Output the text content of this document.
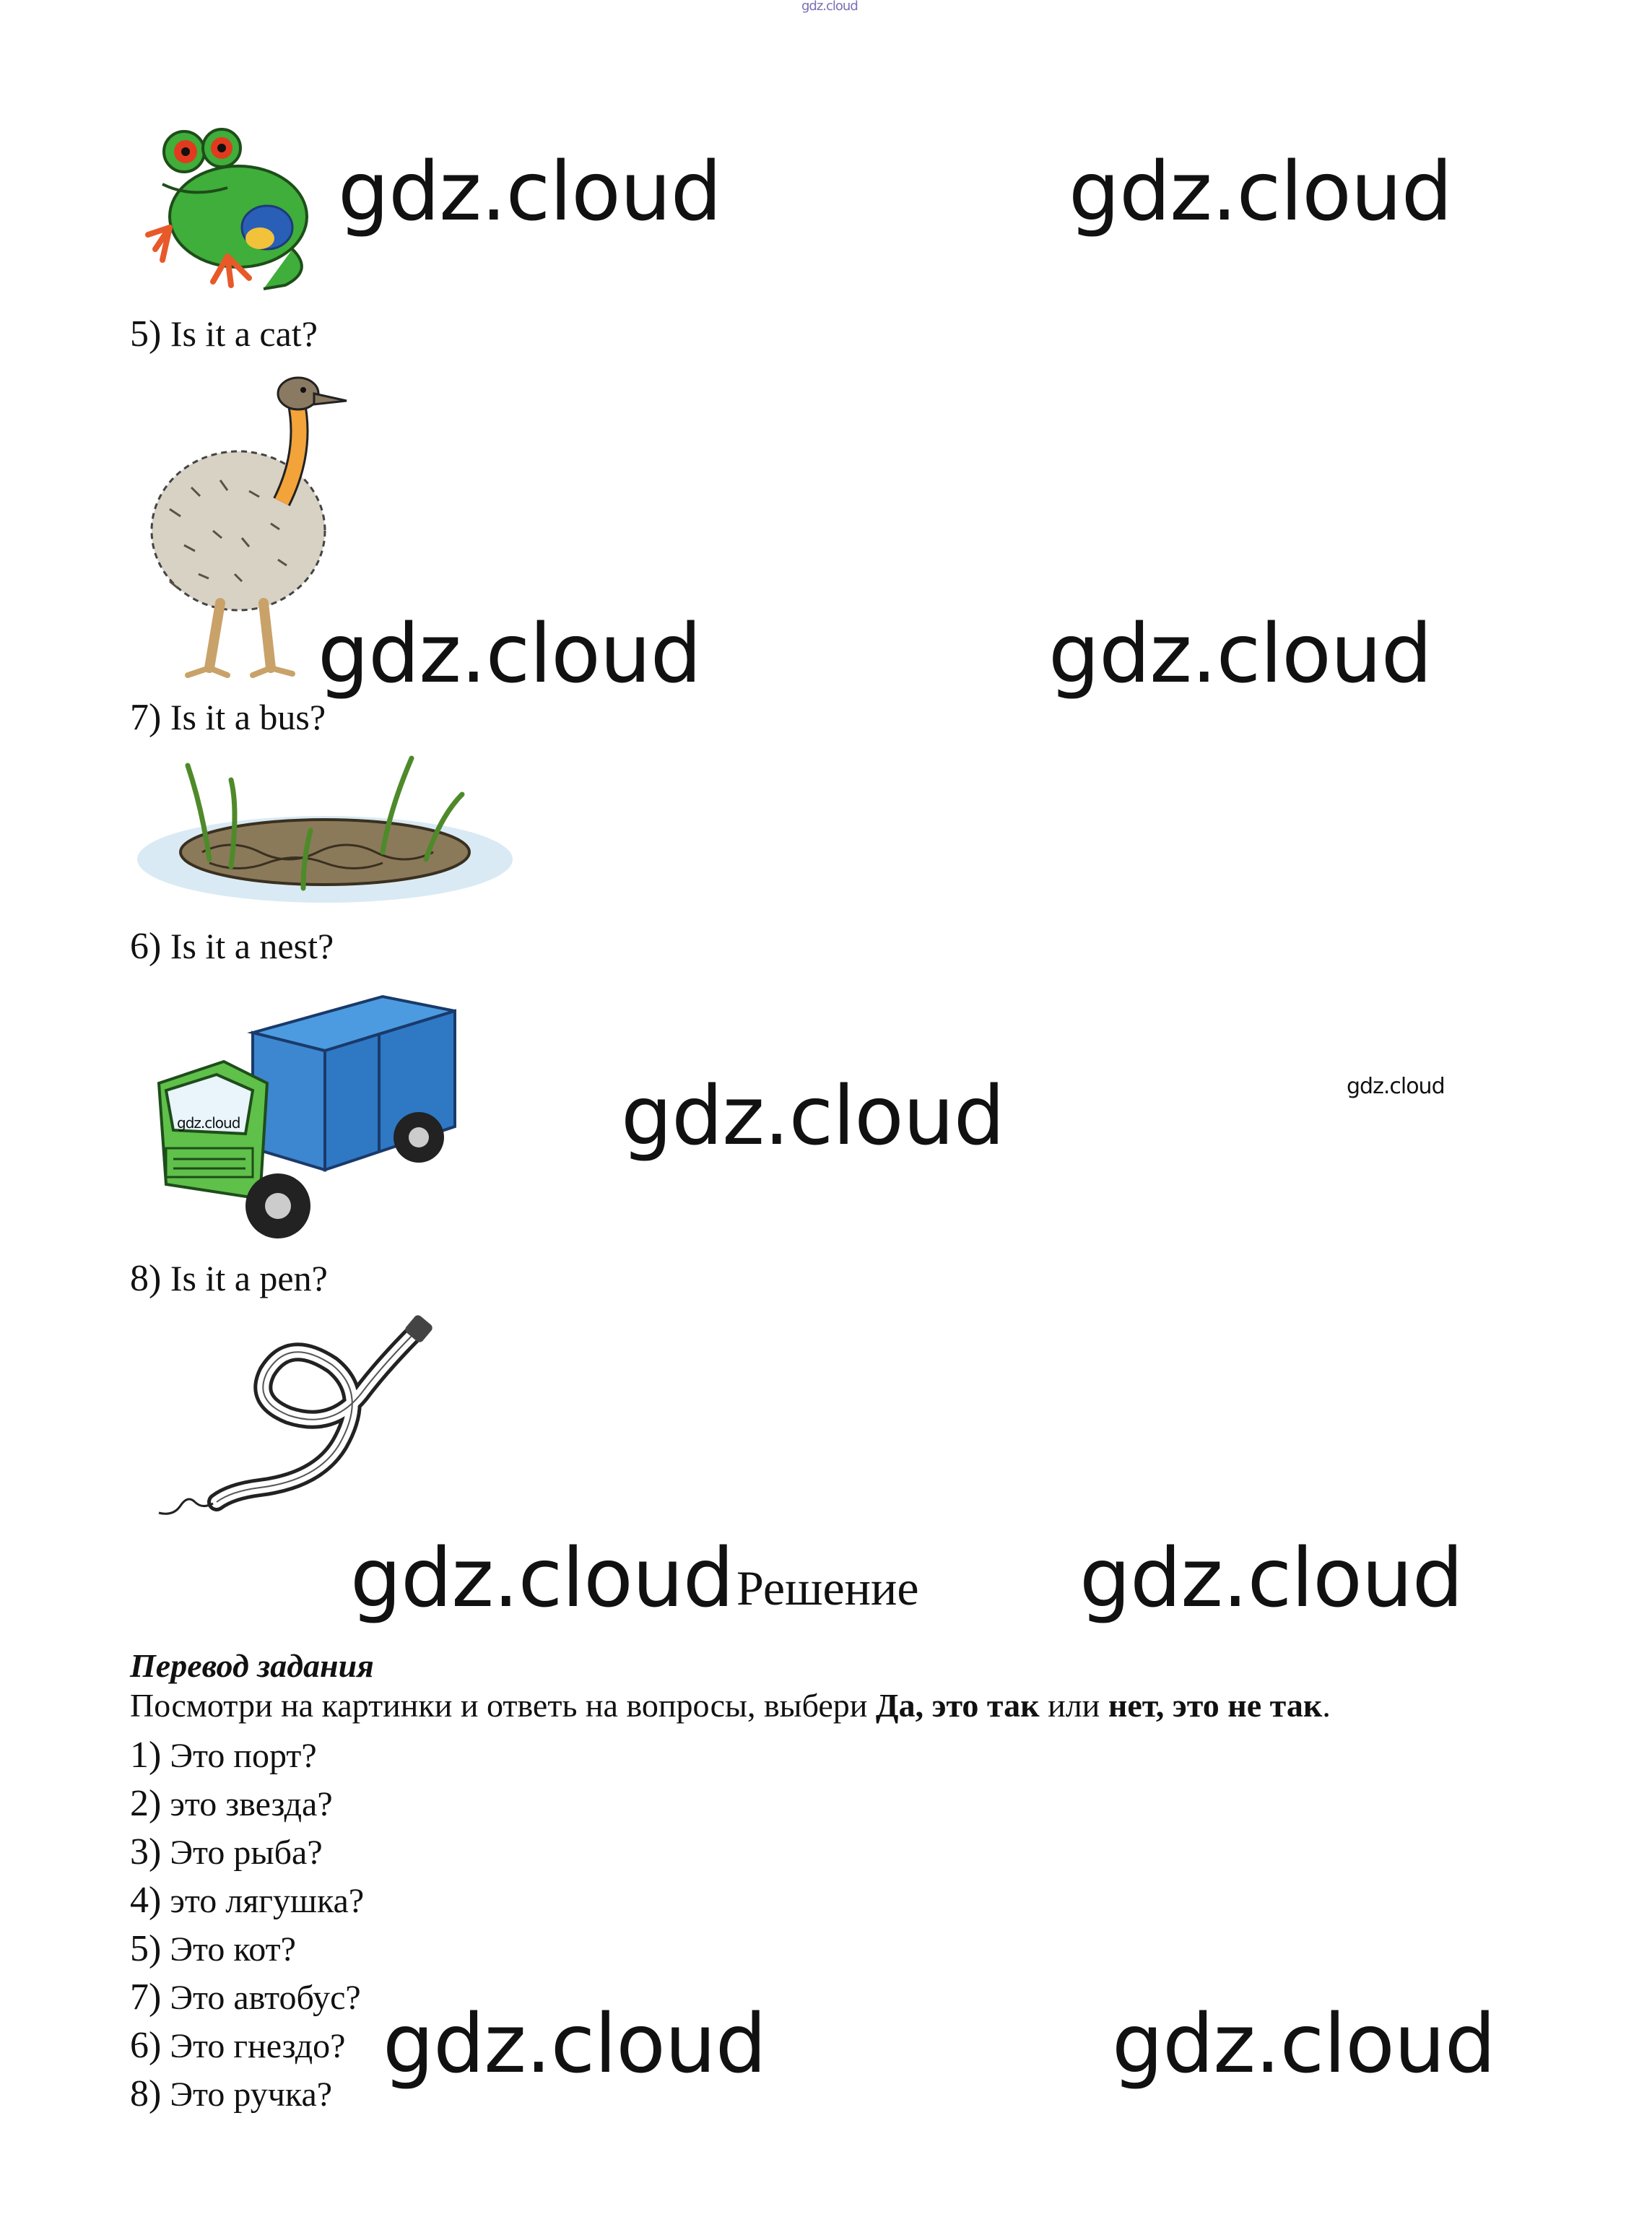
gdz.cloud
gdz.cloud	gdz.cloud
5) Is it a cat?
gdz.cloud	gdz.cloud
7) Is it a bus?
6) Is it a nest?
gdz.cloud	gdz.cloud	gdz.cloud
8) Is it a pen?
gdz.cloud Решение gdz.cloud
Перевод задания
Посмотри на картинки и ответь на вопросы, выбери Да, это так или нет, это не так.
1) Это порт?
2) это звезда?
3) Это рыба?
4) это лягушка?
5) Это кот?
7) Это автобус?
6) Это гнездо?
8) Это ручка?
gdz.cloud	gdz.cloud
